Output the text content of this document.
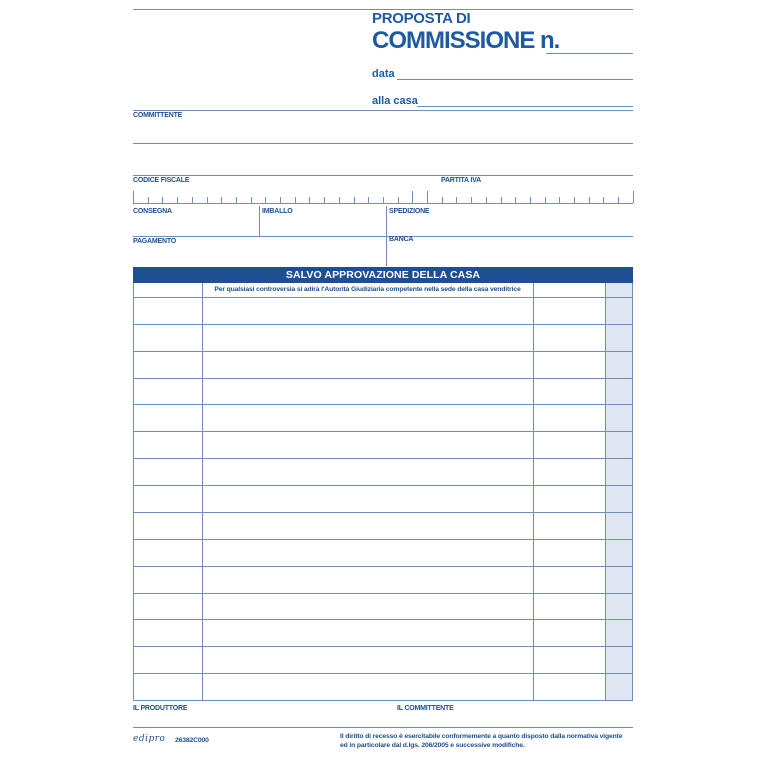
PROPOSTA DI
COMMISSIONE n.
data
alla casa
COMMITTENTE
CODICE FISCALE	PARTITA IVA
CONSEGNA	IMBALLO	SPEDIZIONE
PAGAMENTO	BANCA
SALVO APPROVAZIONE DELLA CASA
Per qualsiasi controversia si adirà l'Autorità Giudiziaria competente nella sede della casa venditrice
IL PRODUTTORE	IL COMMITTENTE
edipro 26382C000
Il diritto di recesso è esercitabile conformemente a quanto disposto dalla normativa vigente
ed in particolare dal d.lgs. 206/2005 e successive modifiche.
